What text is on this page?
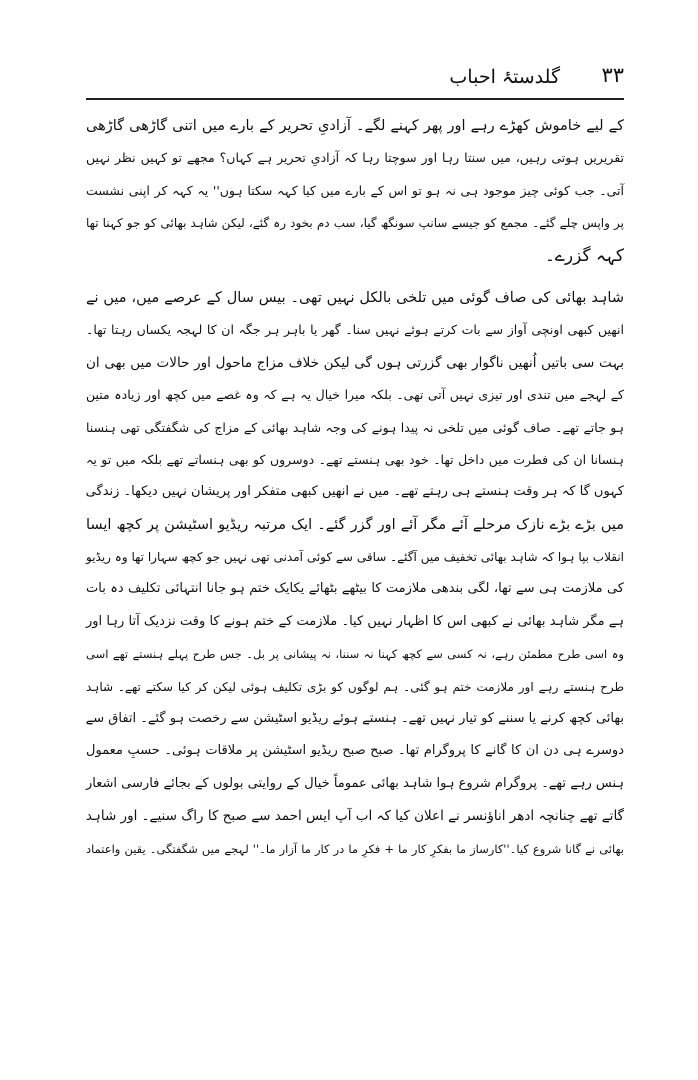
گلدستۂ احباب ۳۳
کے لیے خاموش کھڑے رہے اور پھر کہنے لگے۔ آزادیِ تحریر کے بارے میں اتنی گاڑھی گاڑھی
تقریریں ہوتی رہیں، میں سنتا رہا اور سوچتا رہا کہ آزادیِ تحریر ہے کہاں؟ مجھے تو کہیں نظر نہیں
آتی۔ جب کوئی چیز موجود ہی نہ ہو تو اس کے بارے میں کیا کہہ سکتا ہوں'' یہ کہہ کر اپنی نشست
پر واپس چلے گئے۔ مجمع کو جیسے سانپ سونگھ گیا، سب دم بخود رہ گئے، لیکن شاہد بھائی کو جو کہنا تھا
کہہ گزرے۔
شاہد بھائی کی صاف گوئی میں تلخی بالکل نہیں تھی۔ بیس سال کے عرصے میں، میں نے
انھیں کبھی اونچی آواز سے بات کرتے ہوئے نہیں سنا۔ گھر یا باہر ہر جگہ ان کا لہجہ یکساں رہتا تھا۔
بہت سی باتیں اُنھیں ناگوار بھی گزرتی ہوں گی لیکن خلاف مزاج ماحول اور حالات میں بھی ان
کے لہجے میں تندی اور تیزی نہیں آتی تھی۔ بلکہ میرا خیال یہ ہے کہ وہ غصے میں کچھ اور زیادہ متین
ہو جاتے تھے۔ صاف گوئی میں تلخی نہ پیدا ہونے کی وجہ شاہد بھائی کے مزاج کی شگفتگی تھی ہنسنا
ہنسانا ان کی فطرت میں داخل تھا۔ خود بھی ہنستے تھے۔ دوسروں کو بھی ہنساتے تھے بلکہ میں تو یہ
کہوں گا کہ ہر وقت ہنستے ہی رہتے تھے۔ میں نے انھیں کبھی متفکر اور پریشان نہیں دیکھا۔ زندگی
میں بڑے بڑے نازک مرحلے آئے مگر آئے اور گزر گئے۔ ایک مرتبہ ریڈیو اسٹیشن پر کچھ ایسا
انقلاب بپا ہوا کہ شاہد بھائی تخفیف میں آگئے۔ ساقی سے کوئی آمدنی تھی نہیں جو کچھ سہارا تھا وہ ریڈیو
کی ملازمت ہی سے تھا، لگی بندھی ملازمت کا بیٹھے بٹھائے یکایک ختم ہو جانا انتہائی تکلیف دہ بات
ہے مگر شاہد بھائی نے کبھی اس کا اظہار نہیں کیا۔ ملازمت کے ختم ہونے کا وقت نزدیک آتا رہا اور
وہ اسی طرح مطمئن رہے، نہ کسی سے کچھ کہنا نہ سننا، نہ پیشانی پر بل۔ جس طرح پہلے ہنستے تھے اسی
طرح ہنستے رہے اور ملازمت ختم ہو گئی۔ ہم لوگوں کو بڑی تکلیف ہوئی لیکن کر کیا سکتے تھے۔ شاہد
بھائی کچھ کرنے یا سننے کو تیار نہیں تھے۔ ہنستے ہوئے ریڈیو اسٹیشن سے رخصت ہو گئے۔ اتفاق سے
دوسرے ہی دن ان کا گانے کا پروگرام تھا۔ صبح صبح ریڈیو اسٹیشن پر ملاقات ہوئی۔ حسبِ معمول
ہنس رہے تھے۔ پروگرام شروع ہوا شاہد بھائی عموماً خیال کے روایتی بولوں کے بجائے فارسی اشعار
گاتے تھے چنانچہ ادھر اناؤنسر نے اعلان کیا کہ اب آپ ایس احمد سے صبح کا راگ سنیے۔ اور شاہد
بھائی نے گانا شروع کیا۔''کارساز ما بفکرِ کار ما + فکرِ ما در کار ما آزار ما۔'' لہجے میں شگفتگی۔ یقین واعتماد
